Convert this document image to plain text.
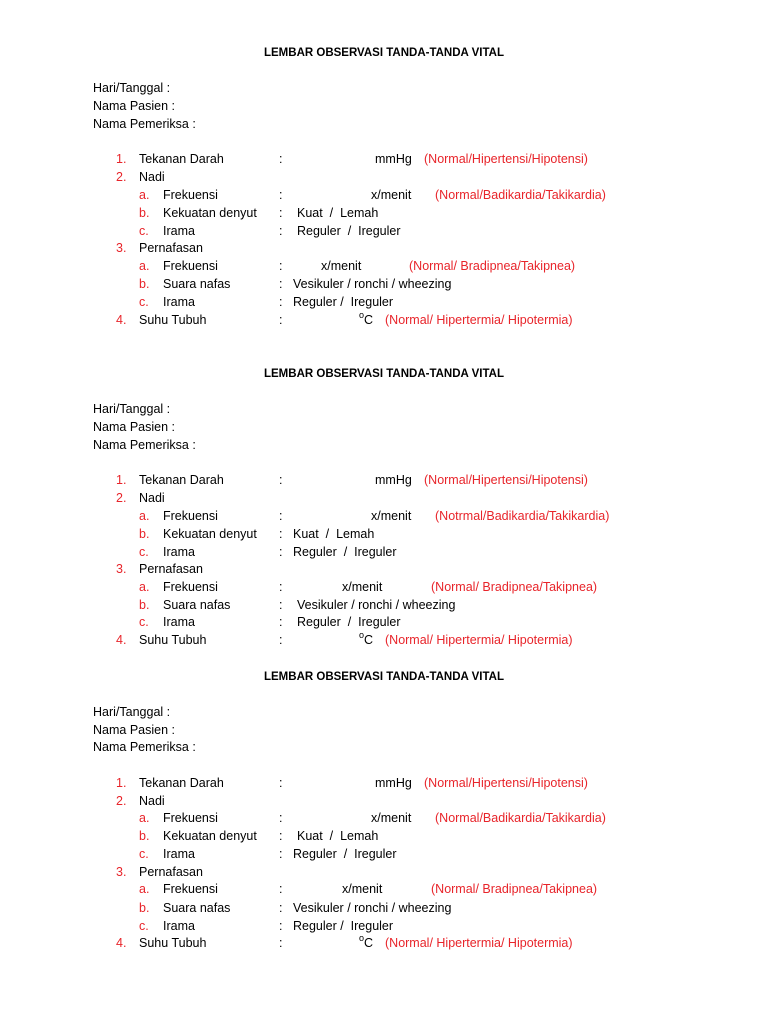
LEMBAR OBSERVASI TANDA-TANDA VITAL
Hari/Tanggal :
Nama Pasien :
Nama Pemeriksa :
1. Tekanan Darah	:	mmHg (Normal/Hipertensi/Hipotensi)
2. Nadi
a. Frekuensi	:	x/menit (Normal/Badikardia/Takikardia)
b. Kekuatan denyut : Kuat  /  Lemah
c. Irama	: Reguler  /  Ireguler
3. Pernafasan
a. Frekuensi	:	x/menit	(Normal/ Bradipnea/Takipnea)
b. Suara nafas	: Vesikuler / ronchi / wheezing
c. Irama	: Reguler /  Ireguler
4. Suhu Tubuh	:	$^o$C (Normal/ Hipertermia/ Hipotermia)
LEMBAR OBSERVASI TANDA-TANDA VITAL
Hari/Tanggal :
Nama Pasien :
Nama Pemeriksa :
1. Tekanan Darah	:	mmHg (Normal/Hipertensi/Hipotensi)
2. Nadi
a. Frekuensi	:	x/menit (Notrmal/Badikardia/Takikardia)
b. Kekuatan denyut : Kuat  /  Lemah
c. Irama	: Reguler  /  Ireguler
3. Pernafasan
a. Frekuensi	:	x/menit	(Normal/ Bradipnea/Takipnea)
b. Suara nafas	: Vesikuler / ronchi / wheezing
c. Irama	: Reguler  /  Ireguler
4. Suhu Tubuh	:	$^o$C (Normal/ Hipertermia/ Hipotermia)
LEMBAR OBSERVASI TANDA-TANDA VITAL
Hari/Tanggal :
Nama Pasien :
Nama Pemeriksa :
1. Tekanan Darah	:	mmHg (Normal/Hipertensi/Hipotensi)
2. Nadi
a. Frekuensi	:	x/menit (Normal/Badikardia/Takikardia)
b. Kekuatan denyut : Kuat  /  Lemah
c. Irama	: Reguler  /  Ireguler
3. Pernafasan
a. Frekuensi	:	x/menit	(Normal/ Bradipnea/Takipnea)
b. Suara nafas	: Vesikuler / ronchi / wheezing
c. Irama	: Reguler /  Ireguler
4. Suhu Tubuh	:	$^o$C (Normal/ Hipertermia/ Hipotermia)
